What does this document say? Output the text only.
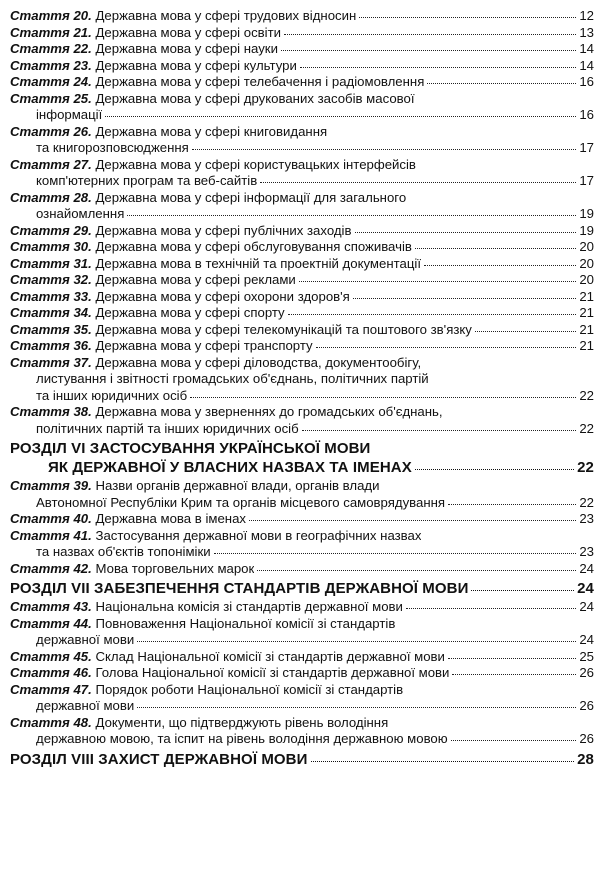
Стаття 20. Державна мова у сфері трудових відносин	12
Стаття 21. Державна мова у сфері освіти	13
Стаття 22. Державна мова у сфері науки	14
Стаття 23. Державна мова у сфері культури	14
Стаття 24. Державна мова у сфері телебачення і радіомовлення	16
Стаття 25. Державна мова у сфері друкованих засобів масової
інформації	16
Стаття 26. Державна мова у сфері книговидання
та книгорозповсюдження	17
Стаття 27. Державна мова у сфері користувацьких інтерфейсів
комп'ютерних програм та веб-сайтів	17
Стаття 28. Державна мова у сфері інформації для загального
ознайомлення	19
Стаття 29. Державна мова у сфері публічних заходів	19
Стаття 30. Державна мова у сфері обслуговування споживачів	20
Стаття 31. Державна мова в технічній та проектній документації	20
Стаття 32. Державна мова у сфері реклами	20
Стаття 33. Державна мова у сфері охорони здоров'я	21
Стаття 34. Державна мова у сфері спорту	21
Стаття 35. Державна мова у сфері телекомунікацій та поштового зв'язку	21
Стаття 36. Державна мова у сфері транспорту	21
Стаття 37. Державна мова у сфері діловодства, документообігу,
листування і звітності громадських об'єднань, політичних партій
та інших юридичних осіб	22
Стаття 38. Державна мова у зверненнях до громадських об'єднань,
політичних партій та інших юридичних осіб	22
РОЗДІЛ VI ЗАСТОСУВАННЯ УКРАЇНСЬКОЇ МОВИ
ЯК ДЕРЖАВНОЇ У ВЛАСНИХ НАЗВАХ ТА ІМЕНАХ	22
Стаття 39. Назви органів державної влади, органів влади
Автономної Республіки Крим та органів місцевого самоврядування	22
Стаття 40. Державна мова в іменах	23
Стаття 41. Застосування державної мови в географічних назвах
та назвах об'єктів топоніміки	23
Стаття 42. Мова торговельних марок	24
РОЗДІЛ VII ЗАБЕЗПЕЧЕННЯ СТАНДАРТІВ ДЕРЖАВНОЇ МОВИ	24
Стаття 43. Національна комісія зі стандартів державної мови	24
Стаття 44. Повноваження Національної комісії зі стандартів
державної мови	24
Стаття 45. Склад Національної комісії зі стандартів державної мови	25
Стаття 46. Голова Національної комісії зі стандартів державної мови	26
Стаття 47. Порядок роботи Національної комісії зі стандартів
державної мови	26
Стаття 48. Документи, що підтверджують рівень володіння
державною мовою, та іспит на рівень володіння державною мовою	26
РОЗДІЛ VIII ЗАХИСТ ДЕРЖАВНОЇ МОВИ	28
